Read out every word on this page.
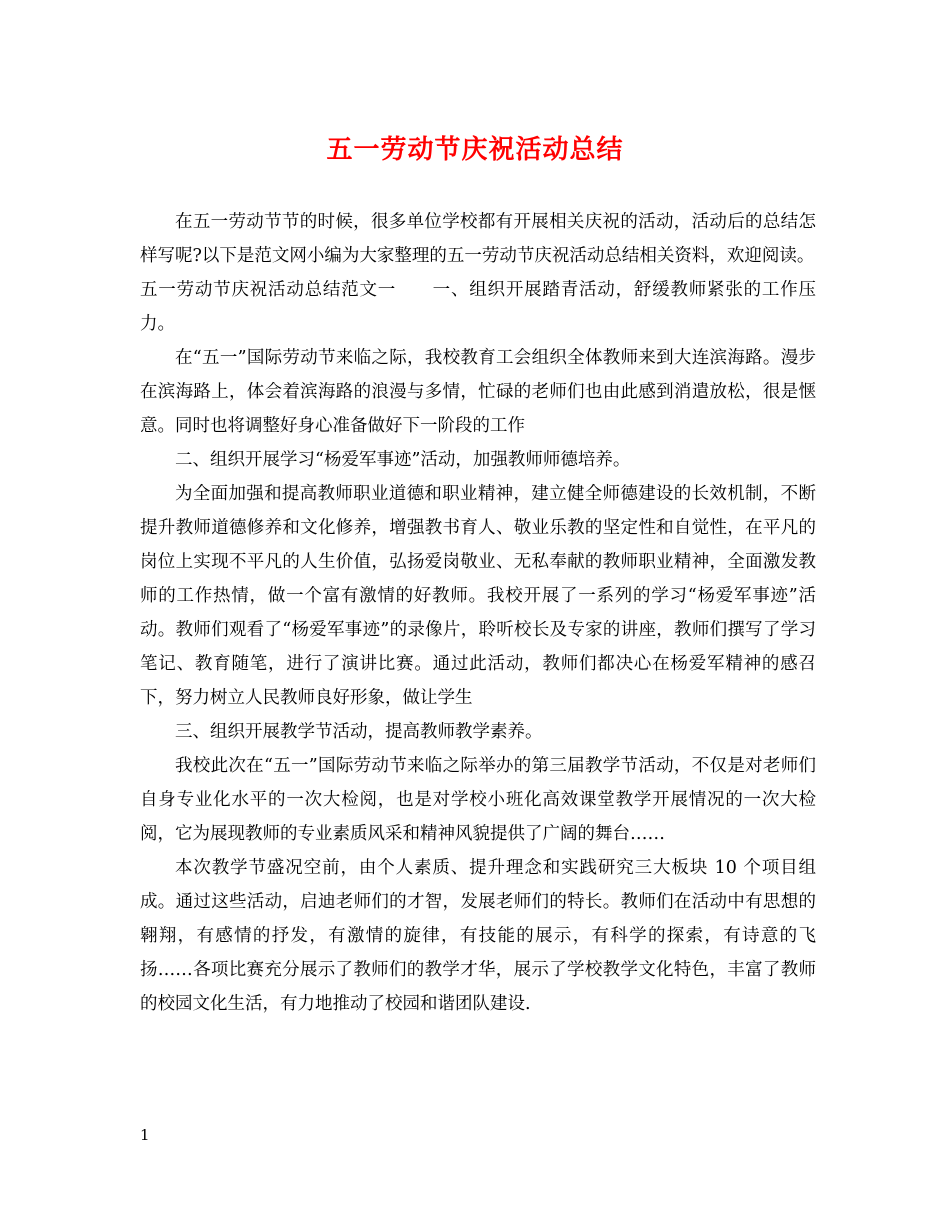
五一劳动节庆祝活动总结

在五一劳动节节的时候，很多单位学校都有开展相关庆祝的活动，活动后的总结怎样写呢?以下是范文网小编为大家整理的五一劳动节庆祝活动总结相关资料，欢迎阅读。

五一劳动节庆祝活动总结范文一　　一、组织开展踏青活动，舒缓教师紧张的工作压力。

在“五一”国际劳动节来临之际，我校教育工会组织全体教师来到大连滨海路。漫步在滨海路上，体会着滨海路的浪漫与多情，忙碌的老师们也由此感到消遣放松，很是惬意。同时也将调整好身心准备做好下一阶段的工作

二、组织开展学习“杨爱军事迹”活动，加强教师师德培养。

为全面加强和提高教师职业道德和职业精神，建立健全师德建设的长效机制，不断提升教师道德修养和文化修养，增强教书育人、敬业乐教的坚定性和自觉性，在平凡的岗位上实现不平凡的人生价值，弘扬爱岗敬业、无私奉献的教师职业精神，全面激发教师的工作热情，做一个富有激情的好教师。我校开展了一系列的学习“杨爱军事迹”活动。教师们观看了“杨爱军事迹”的录像片，聆听校长及专家的讲座，教师们撰写了学习笔记、教育随笔，进行了演讲比赛。通过此活动，教师们都决心在杨爱军精神的感召下，努力树立人民教师良好形象，做让学生

三、组织开展教学节活动，提高教师教学素养。

我校此次在“五一”国际劳动节来临之际举办的第三届教学节活动，不仅是对老师们自身专业化水平的一次大检阅，也是对学校小班化高效课堂教学开展情况的一次大检阅，它为展现教师的专业素质风采和精神风貌提供了广阔的舞台……

本次教学节盛况空前，由个人素质、提升理念和实践研究三大板块 10 个项目组成。通过这些活动，启迪老师们的才智，发展老师们的特长。教师们在活动中有思想的翱翔，有感情的抒发，有激情的旋律，有技能的展示，有科学的探索，有诗意的飞扬……各项比赛充分展示了教师们的教学才华，展示了学校教学文化特色，丰富了教师的校园文化生活，有力地推动了校园和谐团队建设.

1
